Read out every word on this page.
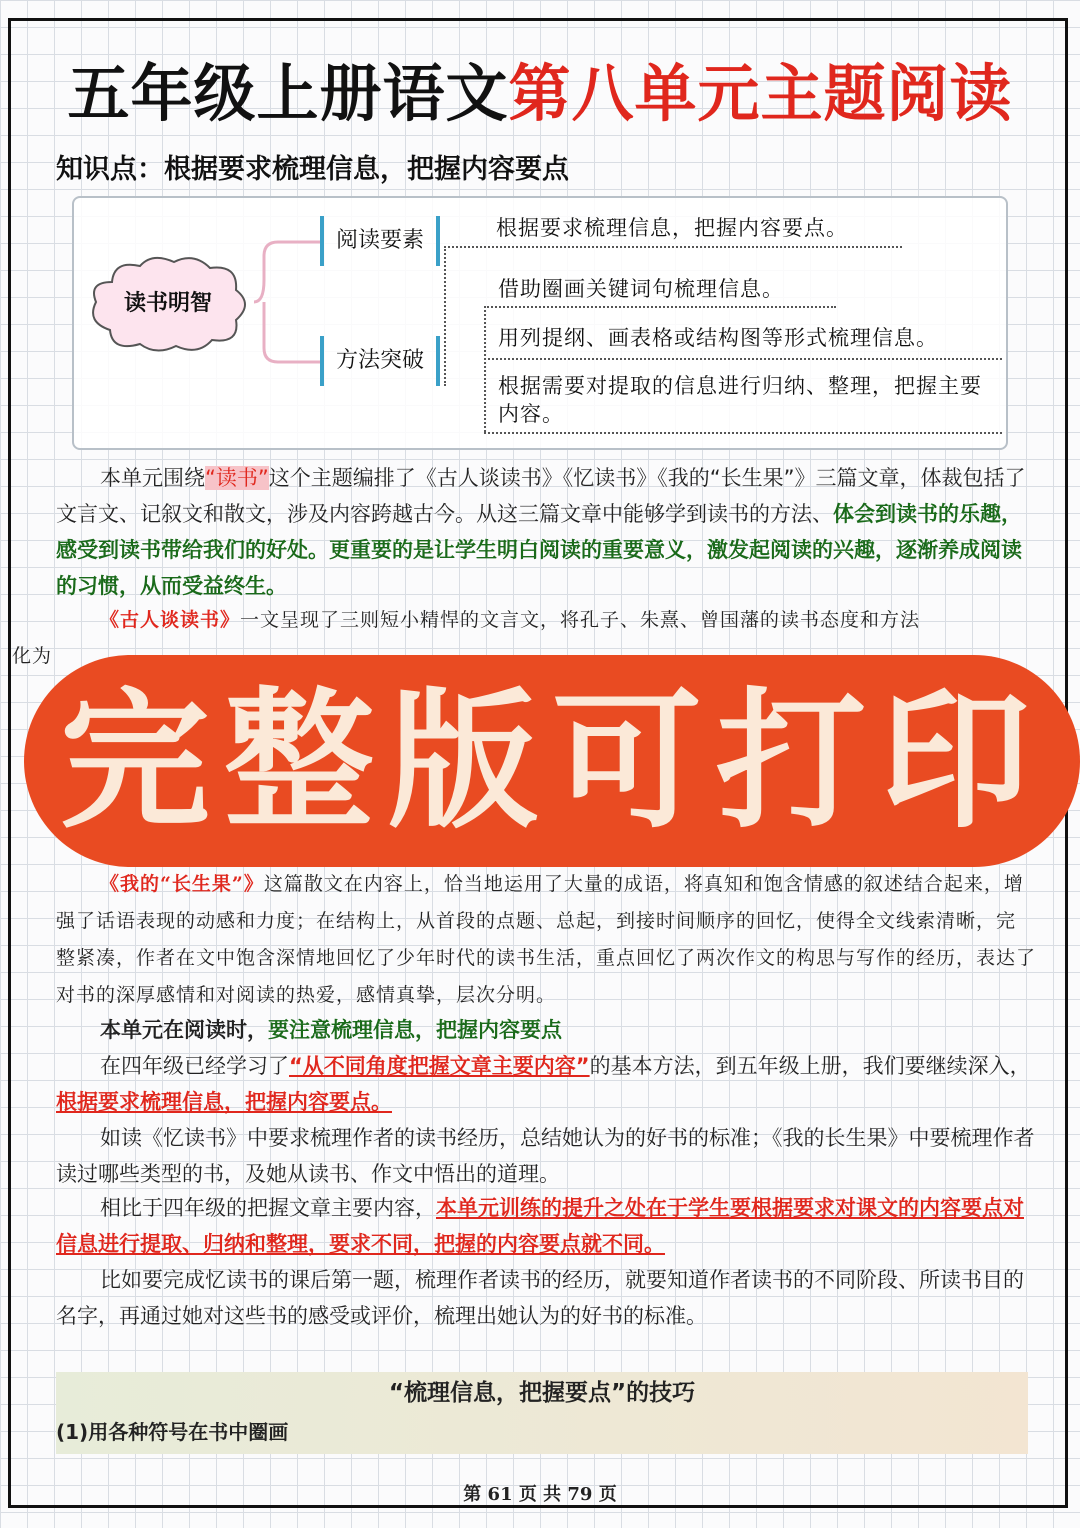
五年级上册语文第八单元主题阅读
知识点：根据要求梳理信息，把握内容要点
读书明智
阅读要素
方法突破
根据要求梳理信息，把握内容要点。
借助圈画关键词句梳理信息。
用列提纲、画表格或结构图等形式梳理信息。
根据需要对提取的信息进行归纳、整理，把握主要内容。
本单元围绕“读书”这个主题编排了《古人谈读书》《忆读书》《我的“长生果”》三篇文章，体裁包括了文言文、记叙文和散文，涉及内容跨越古今。从这三篇文章中能够学到读书的方法、体会到读书的乐趣，感受到读书带给我们的好处。更重要的是让学生明白阅读的重要意义，激发起阅读的兴趣，逐渐养成阅读的习惯，从而受益终生。
《古人谈读书》一文呈现了三则短小精悍的文言文，将孔子、朱熹、曾国藩的读书态度和方法
化为
完整版可打印
《我的“长生果”》这篇散文在内容上，恰当地运用了大量的成语，将真知和饱含情感的叙述结合起来，增强了话语表现的动感和力度；在结构上，从首段的点题、总起，到接时间顺序的回忆，使得全文线索清晰，完整紧凑，作者在文中饱含深情地回忆了少年时代的读书生活，重点回忆了两次作文的构思与写作的经历，表达了对书的深厚感情和对阅读的热爱，感情真挚，层次分明。
本单元在阅读时，要注意梳理信息，把握内容要点
在四年级已经学习了“从不同角度把握文章主要内容”的基本方法，到五年级上册，我们要继续深入，根据要求梳理信息，把握内容要点。
如读《忆读书》中要求梳理作者的读书经历，总结她认为的好书的标准；《我的长生果》中要梳理作者读过哪些类型的书，及她从读书、作文中悟出的道理。
相比于四年级的把握文章主要内容，本单元训练的提升之处在于学生要根据要求对课文的内容要点对信息进行提取、归纳和整理，要求不同，把握的内容要点就不同。
比如要完成忆读书的课后第一题，梳理作者读书的经历，就要知道作者读书的不同阶段、所读书目的名字，再通过她对这些书的感受或评价，梳理出她认为的好书的标准。
“梳理信息，把握要点”的技巧
(1)用各种符号在书中圈画
第 61 页 共 79 页
